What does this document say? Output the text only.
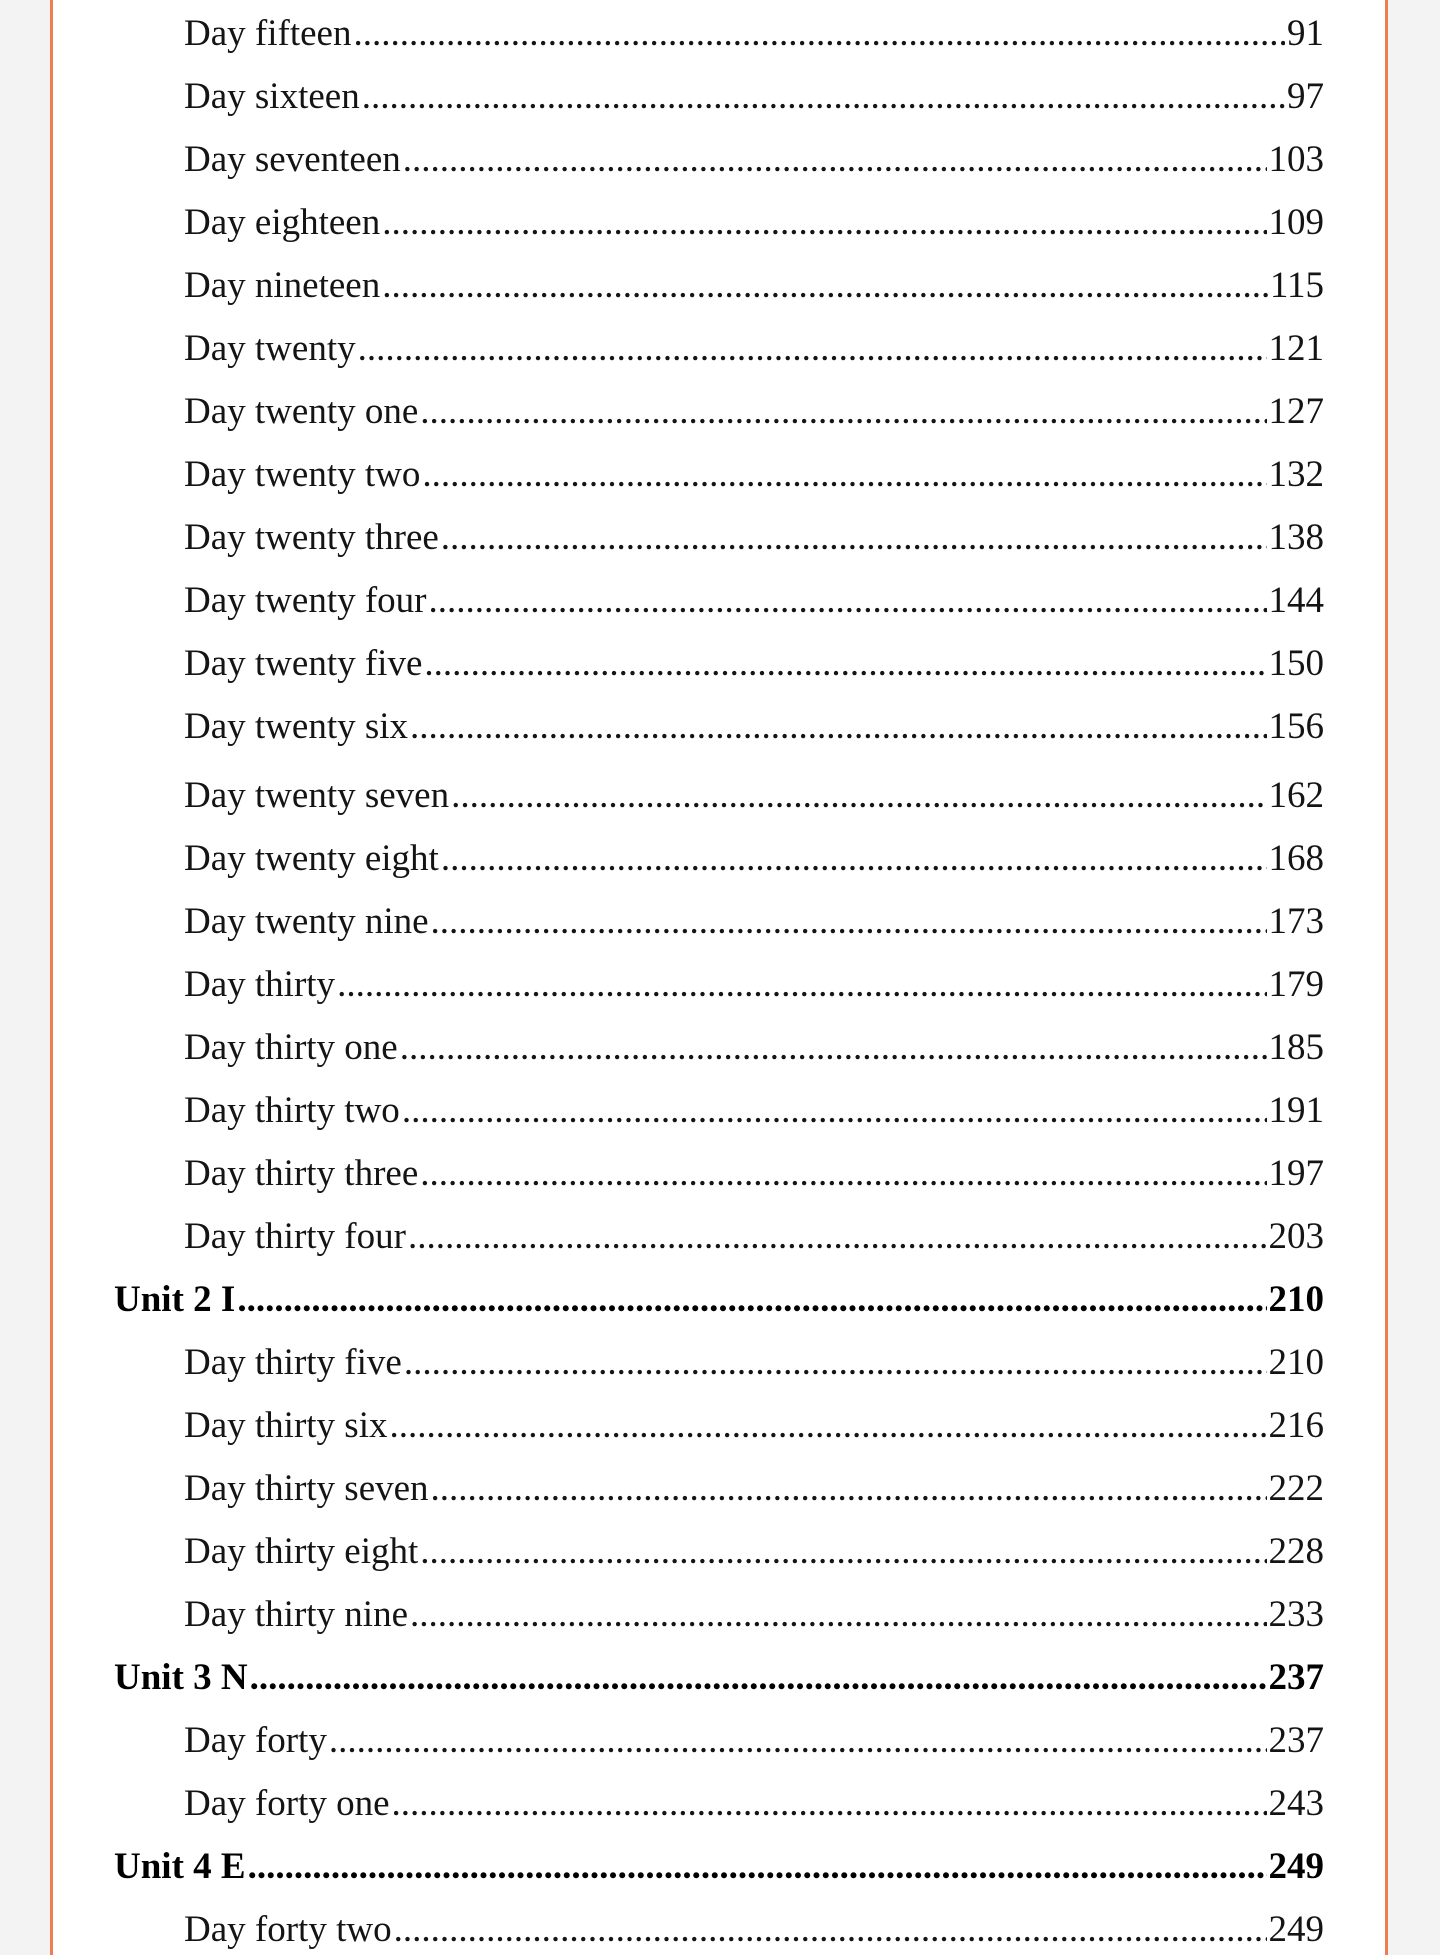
Day fifteen .....	91
Day sixteen .....	97
Day seventeen .....	103
Day eighteen .....	109
Day nineteen .....	115
Day twenty .....	121
Day twenty one .....	127
Day twenty two .....	132
Day twenty three .....	138
Day twenty four .....	144
Day twenty five .....	150
Day twenty six .....	156
Day twenty seven .....	162
Day twenty eight .....	168
Day twenty nine .....	173
Day thirty .....	179
Day thirty one .....	185
Day thirty two .....	191
Day thirty three .....	197
Day thirty four .....	203
Unit 2 I .....	210
Day thirty five .....	210
Day thirty six .....	216
Day thirty seven .....	222
Day thirty eight .....	228
Day thirty nine .....	233
Unit 3 N .....	237
Day forty .....	237
Day forty one .....	243
Unit 4 E .....	249
Day forty two .....	249
